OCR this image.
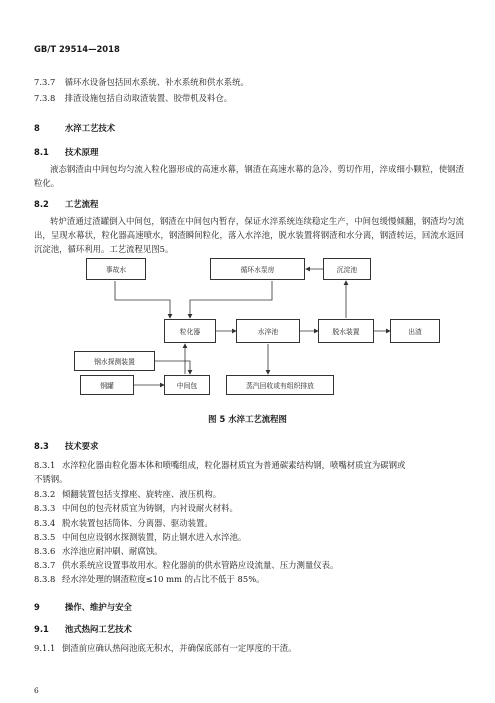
GB/T 29514—2018
7.3.7 循环水设备包括回水系统、补水系统和供水系统。
7.3.8 排渣设施包括自动取渣装置、胶带机及料仓。
8	水淬工艺技术
8.1 技术原理
液态钢渣由中间包均匀流入粒化器形成的高速水幕，钢渣在高速水幕的急冷、剪切作用，淬成细小颗粒，使钢渣粒化。
8.2 工艺流程
转炉渣通过渣罐倒入中间包，钢渣在中间包内暂存，保证水淬系统连续稳定生产，中间包缓慢倾翻，钢渣均匀流出，呈现水幕状，粒化器高速喷水，钢渣瞬间粒化，落入水淬池，脱水装置将钢渣和水分离，钢渣转运，回流水返回沉淀池，循环利用。工艺流程见图5。
事故水	循环水泵房	沉淀池
粒化器	水淬池	脱水装置	出渣
钢水探测装置
钢罐	中间包	蒸汽回收或有组织排放
图 5 水淬工艺流程图
8.3 技术要求
8.3.1 水淬粒化器由粒化器本体和喷嘴组成，粒化器材质宜为普通碳素结构钢，喷嘴材质宜为碳钢或
不锈钢。
8.3.2 倾翻装置包括支撑座、旋转座、液压机构。
8.3.3 中间包的包壳材质宜为铸钢，内衬设耐火材料。
8.3.4 脱水装置包括筒体、分离器、驱动装置。
8.3.5 中间包应设钢水探测装置，防止钢水进入水淬池。
8.3.6 水淬池应耐冲刷、耐腐蚀。
8.3.7 供水系统应设置事故用水。粒化器前的供水管路应设流量、压力测量仪表。
8.3.8 经水淬处理的钢渣粒度≤10 mm 的占比不低于 85%。
9	操作、维护与安全
9.1 池式热闷工艺技术
9.1.1 倒渣前应确认热闷池底无积水，并确保底部有一定厚度的干渣。
6
